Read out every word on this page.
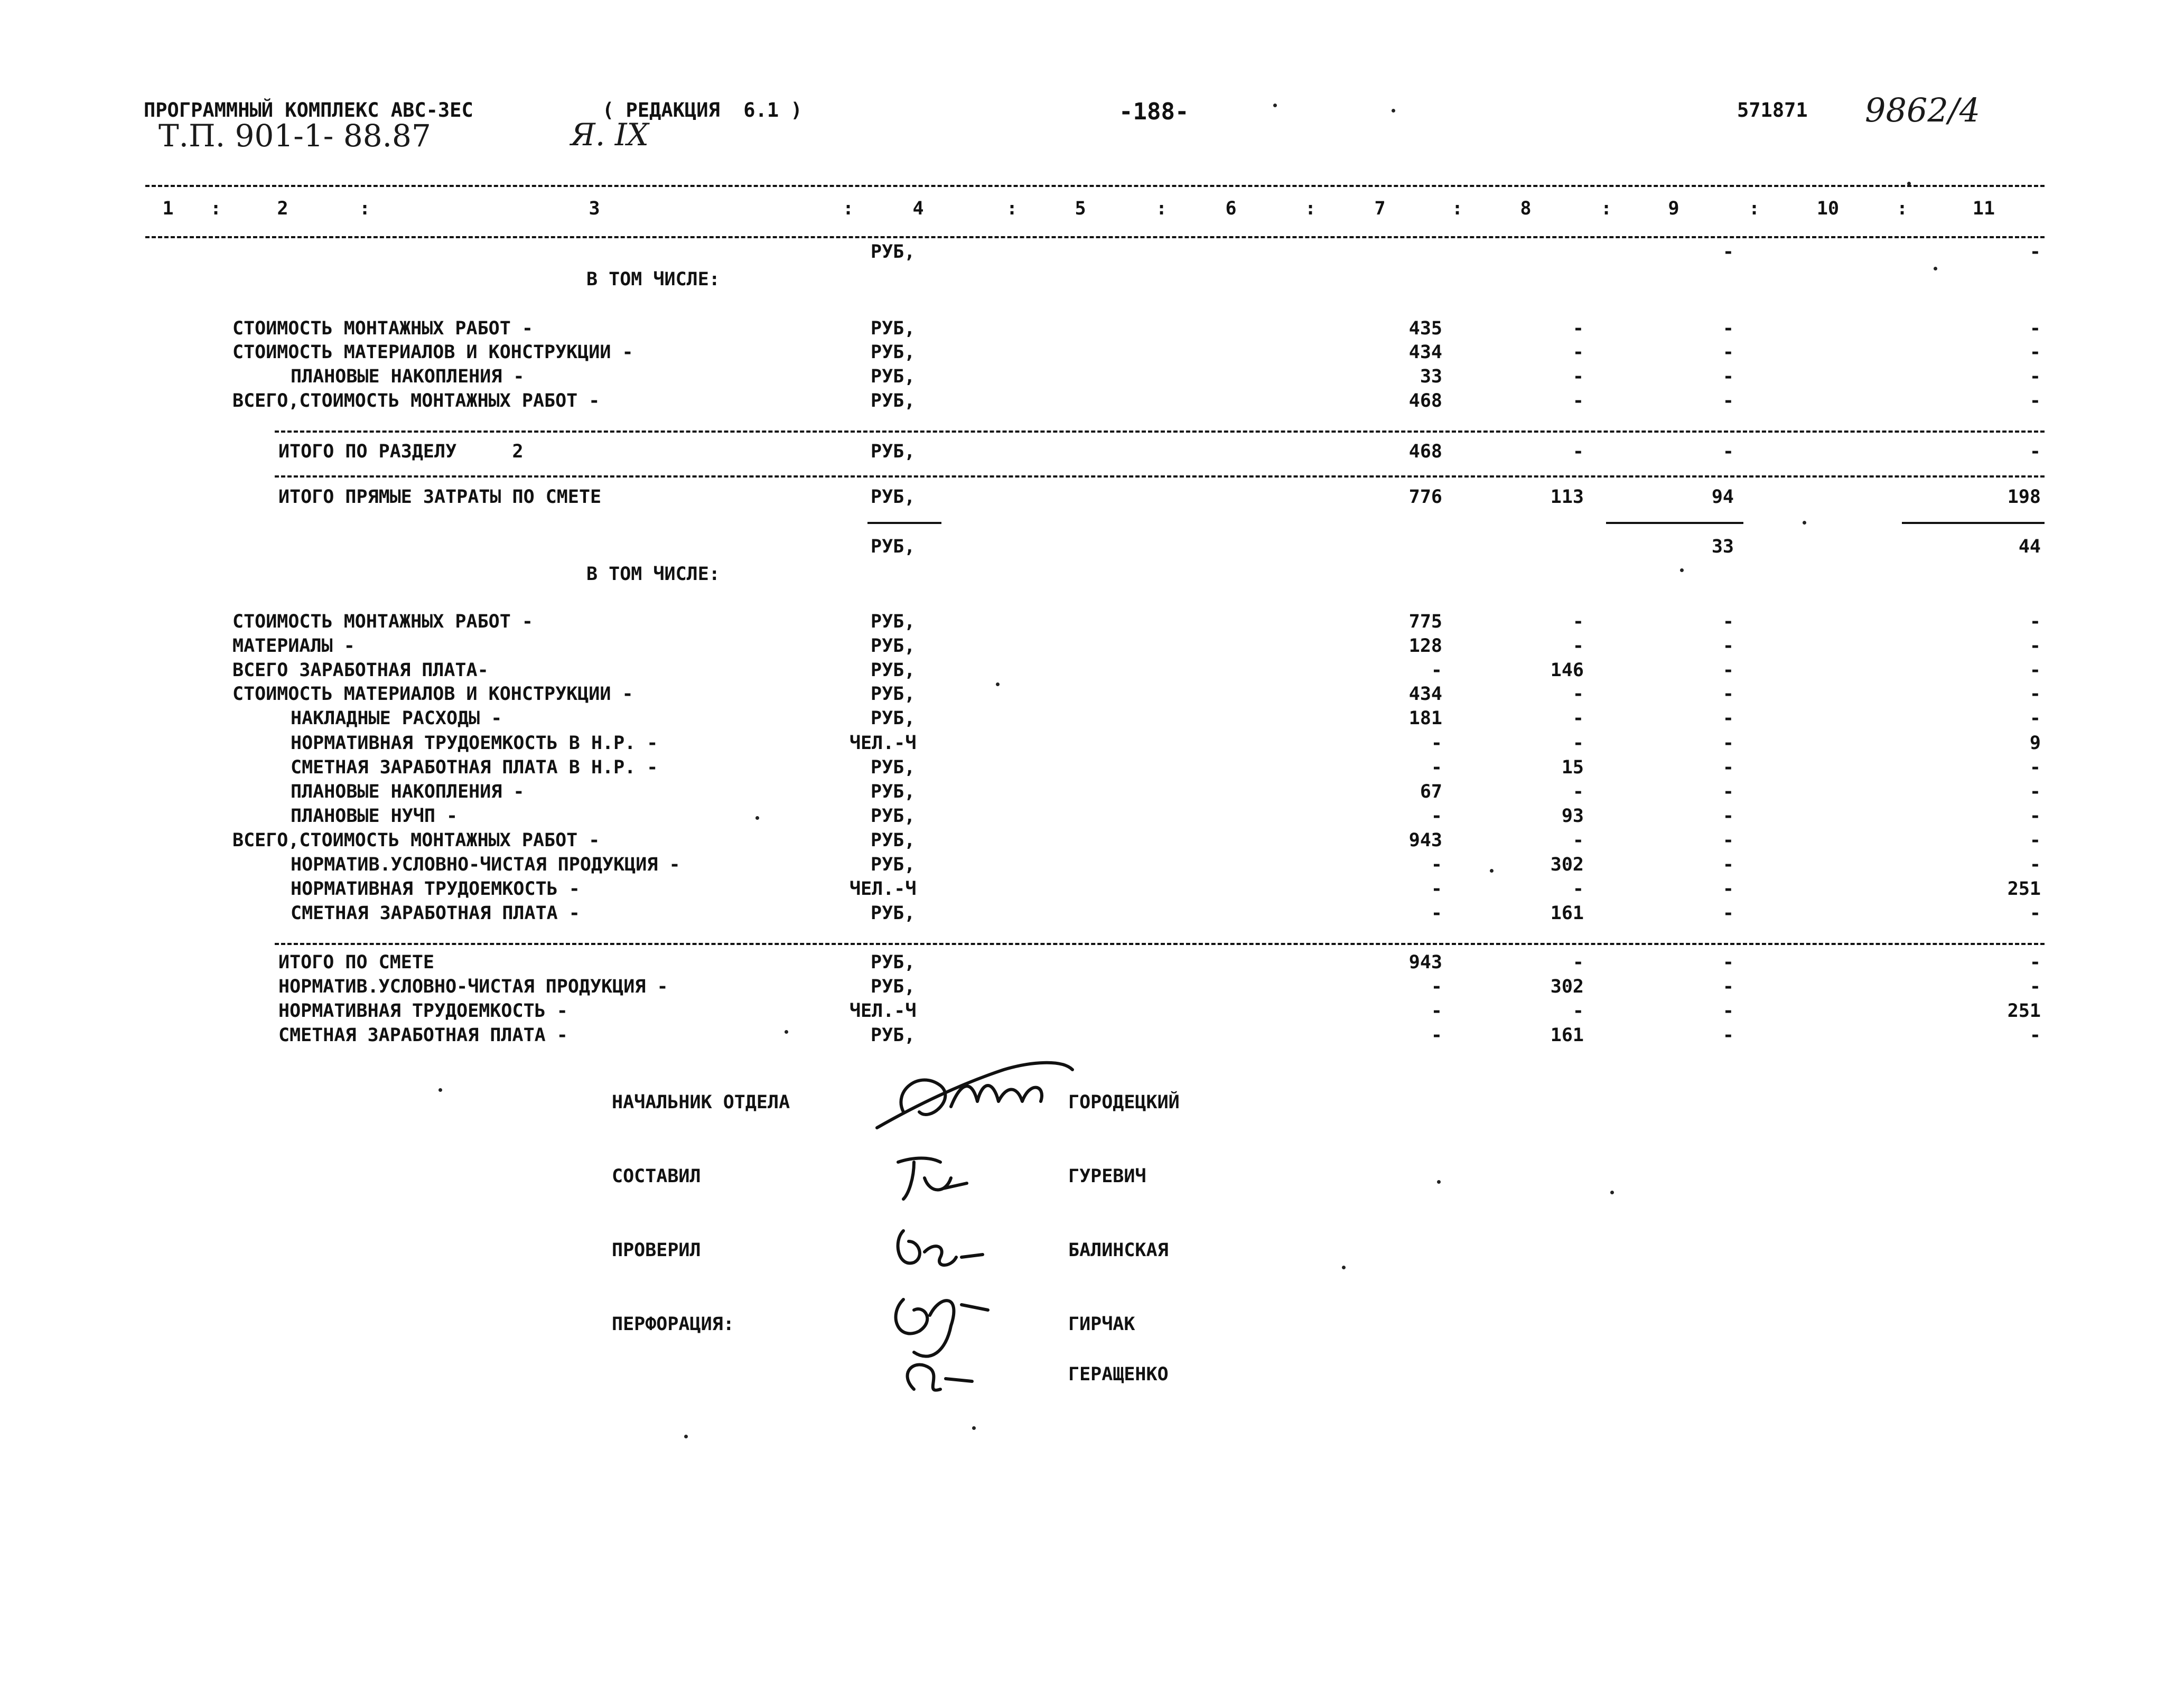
ПРОГРАММНЫЙ КОМПЛЕКС АВС-3ЕС	( РЕДАКЦИЯ  6.1 )	-188-	571871 9862/4
Т.П. 901-1- 88.87	Я. IX
1	2	3	4	5	6	7	8	9	10	11
:	:	:	:	:	:	:	:	:	:
РУБ,	-	-
В ТОМ ЧИСЛЕ:
СТОИМОСТЬ МОНТАЖНЫХ РАБОТ -	РУБ,	435	-	-	-
СТОИМОСТЬ МАТЕРИАЛОВ И КОНСТРУКЦИИ -	РУБ,	434	-	-	-
ПЛАНОВЫЕ НАКОПЛЕНИЯ -	РУБ,	33	-	-	-
ВСЕГО,СТОИМОСТЬ МОНТАЖНЫХ РАБОТ -	РУБ,	468	-	-	-
ИТОГО ПО РАЗДЕЛУ     2	РУБ,	468	-	-	-
ИТОГО ПРЯМЫЕ ЗАТРАТЫ ПО СМЕТЕ	РУБ,	776	113	94	198
РУБ,	33	44
В ТОМ ЧИСЛЕ:
СТОИМОСТЬ МОНТАЖНЫХ РАБОТ -	РУБ,	775	-	-	-
МАТЕРИАЛЫ -	РУБ,	128	-	-	-
ВСЕГО ЗАРАБОТНАЯ ПЛАТА-	РУБ,	-	146	-	-
СТОИМОСТЬ МАТЕРИАЛОВ И КОНСТРУКЦИИ -	РУБ,	434	-	-	-
НАКЛАДНЫЕ РАСХОДЫ -	РУБ,	181	-	-	-
НОРМАТИВНАЯ ТРУДОЕМКОСТЬ В Н.Р. -	ЧЕЛ.-Ч	-	-	-	9
СМЕТНАЯ ЗАРАБОТНАЯ ПЛАТА В Н.Р. -	РУБ,	-	15	-	-
ПЛАНОВЫЕ НАКОПЛЕНИЯ -	РУБ,	67	-	-	-
ПЛАНОВЫЕ НУЧП -	РУБ,	-	93	-	-
ВСЕГО,СТОИМОСТЬ МОНТАЖНЫХ РАБОТ -	РУБ,	943	-	-	-
НОРМАТИВ.УСЛОВНО-ЧИСТАЯ ПРОДУКЦИЯ -	РУБ,	-	302	-	-
НОРМАТИВНАЯ ТРУДОЕМКОСТЬ -	ЧЕЛ.-Ч	-	-	-	251
СМЕТНАЯ ЗАРАБОТНАЯ ПЛАТА -	РУБ,	-	161	-	-
ИТОГО ПО СМЕТЕ	РУБ,	943	-	-	-
НОРМАТИВ.УСЛОВНО-ЧИСТАЯ ПРОДУКЦИЯ -	РУБ,	-	302	-	-
НОРМАТИВНАЯ ТРУДОЕМКОСТЬ -	ЧЕЛ.-Ч	-	-	-	251
СМЕТНАЯ ЗАРАБОТНАЯ ПЛАТА -	РУБ,	-	161	-	-
НАЧАЛЬНИК ОТДЕЛА	ГОРОДЕЦКИЙ
СОСТАВИЛ	ГУРЕВИЧ
ПРОВЕРИЛ	БАЛИНСКАЯ
ПЕРФОРАЦИЯ:	ГИРЧАК
ГЕРАЩЕНКО
